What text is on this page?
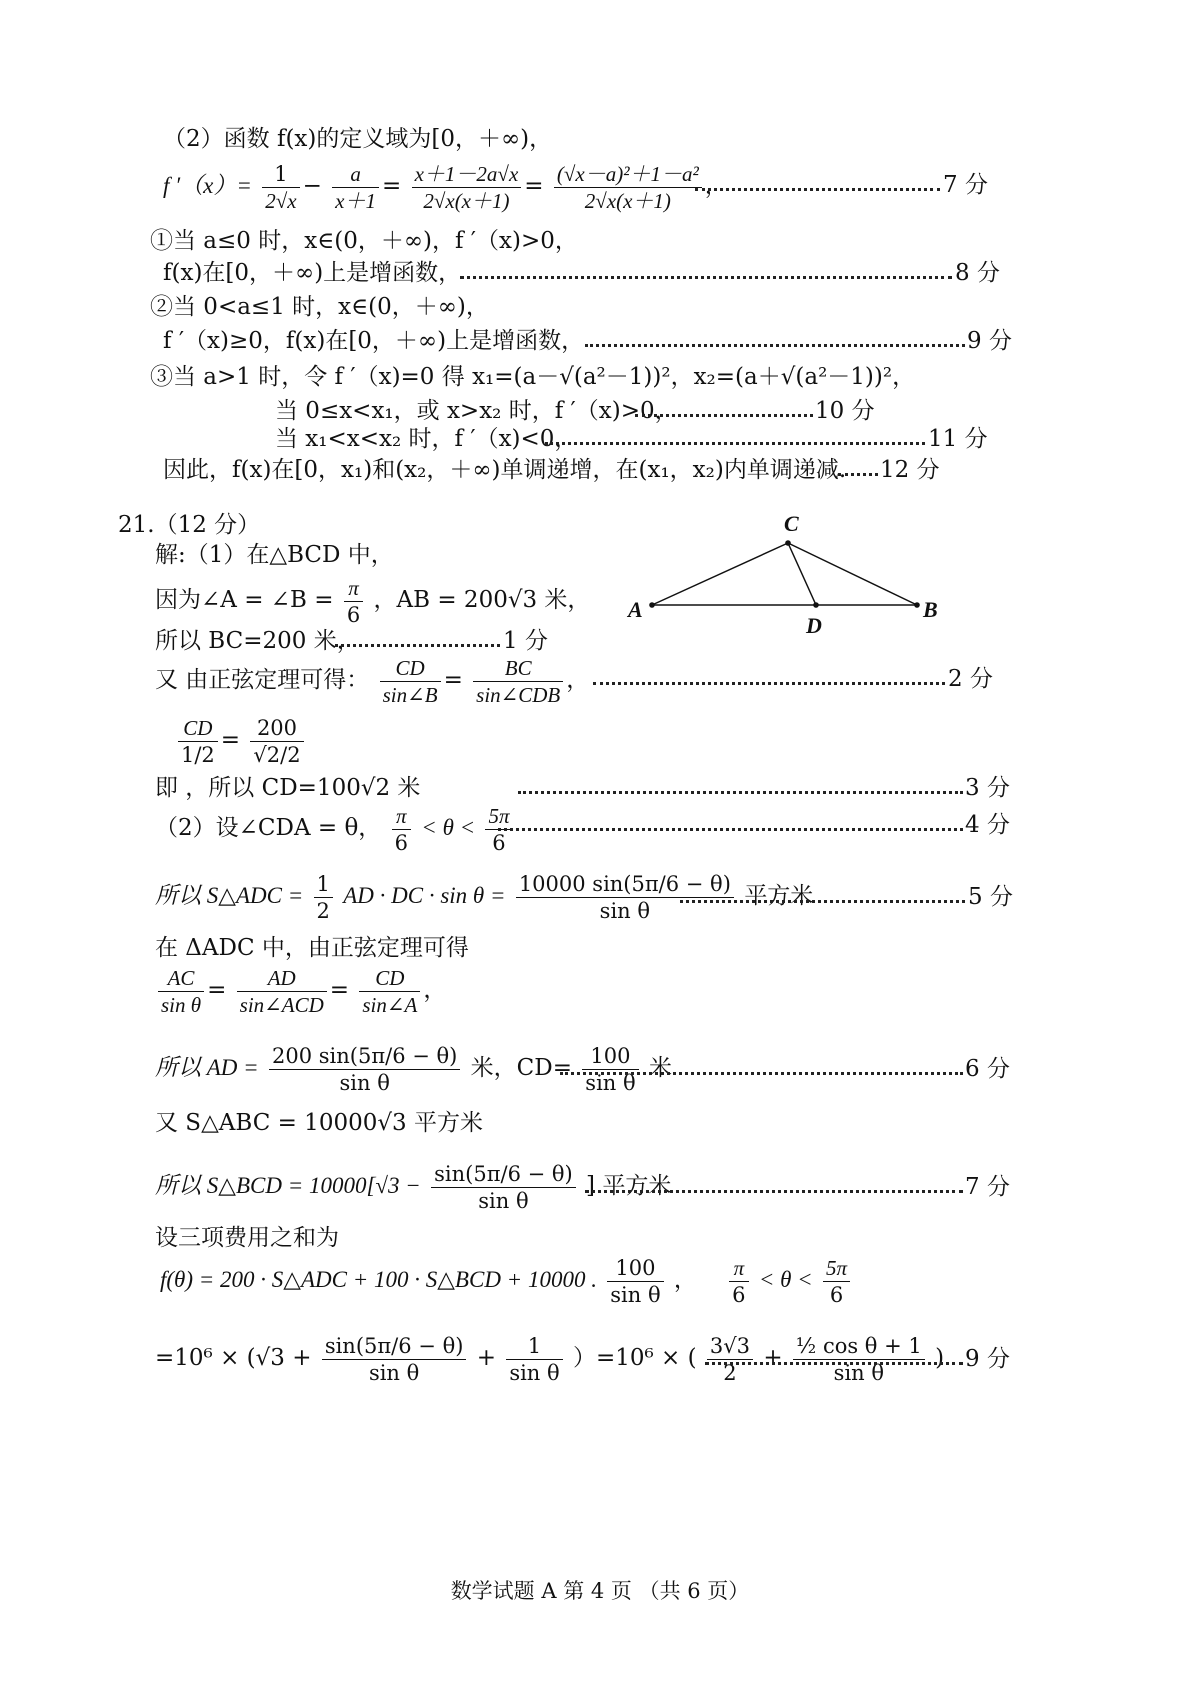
（2）函数 f(x)的定义域为[0，＋∞)，
f $'(x)= \frac{1}{2√x} - \frac{a}{x+1} = \frac{x+1-2a√x}{2√x(x+1)} = \frac{\text{(√x－a)²＋1－a²}}{2√x(x+1)}$ ，	7 分
①当 a≤0 时，x∈(0，＋∞)，f ′（x)>0，
f(x)在[0，＋∞)上是增函数，	8 分
②当 0<a≤1 时，x∈(0，＋∞)，
f ′（x)≥0，f(x)在[0，＋∞)上是增函数，	9 分
③当 a>1 时，令 f ′（x)=0 得 x₁=(a－√(a²－1))²，x₂=(a＋√(a²－1))²，
当 0≤x<x₁，或 x>x₂ 时，f ′（x)>0，	10 分
当 x₁<x<x₂ 时，f ′（x)<0，	11 分
因此，f(x)在[0，x₁)和(x₂，＋∞)单调递增，在(x₁，x₂)内单调递减. 12 分
21.（12 分）
解:（1）在△BCD 中，
因为∠A = ∠B = $\frac{\pi}{6}$ ，AB = 200√3 米，
所以 BC=200 米，	1 分
又 由正弦定理可得： $\frac{CD}{\sin\angle B} = \frac{BC}{\text{sin∠CDB}}$ ，	2 分
$\frac{CD}{1/2} = \frac{200}{√2/2}$
即 ，所以 CD=100√2 米	3 分
（2）设∠CDA = θ， $\frac{\pi}{6} < \theta < \frac{5\pi}{6}$	4 分
所以 S△ADC = $\frac{1}{2}$ AD · DC · $\sin \theta = \frac{10000 \sin(5\pi/6 - \theta)}{\text{sin θ}}$ 平方米	5 分
在 ΔADC 中，由正弦定理可得
$\frac{AC}{\text{sin θ}} = \frac{AD}{\text{sin∠ACD}} = \frac{CD}{\sin\angle A}$ ，
所以 AD = $\frac{200 \sin(5\pi/6 - \theta)}{\text{sin θ}}$ 米，$CD= \frac{100}{\text{sin θ}}$ 米	6 分
又 S△ABC = 10000√3 平方米
所以 S△BCD = $10000[√3 - \frac{\sin(5\pi/6 - \theta)}{\text{sin θ}}$ ] 平方米	7 分
设三项费用之和为
f(θ) = 200 · S△ADC + 100 · S△BCD + 10000 . $\frac{100}{\text{sin θ}}$ ， $\frac{\pi}{6} < \theta < \frac{5\pi}{6}$
$=10^6 \times (√3 + \frac{\sin(5\pi/6 - \theta)}{\text{sin θ}} + \frac{1}{\text{sin θ}} )=10^6$ × ( $\frac{3√3}{2} + \frac{\text{½ cos θ + 1}}{\text{sin θ}}$ ) 9 分
A	B
C
D
数学试题 A 第 4 页 （共 6 页）
